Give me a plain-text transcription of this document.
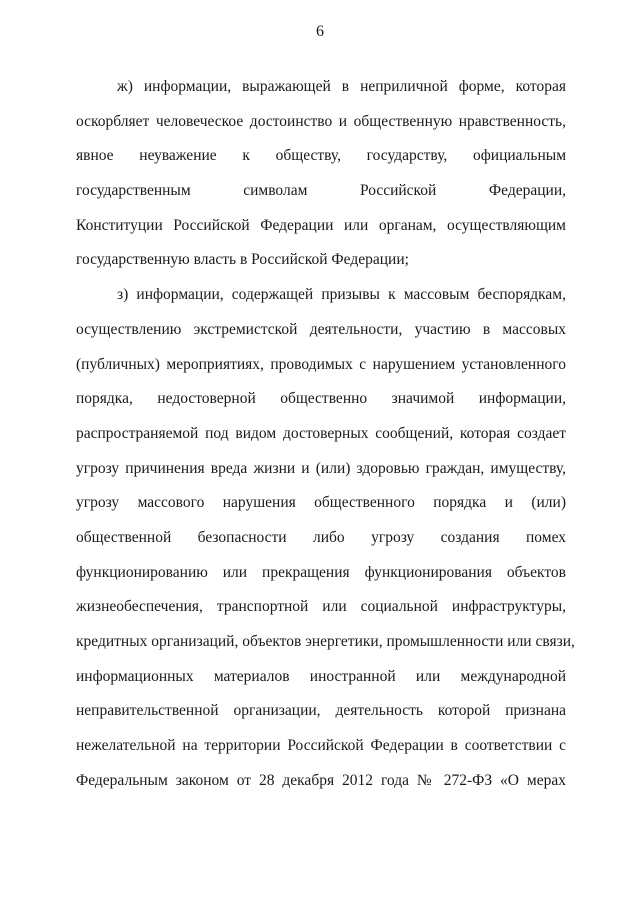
6

ж) информации, выражающей в неприличной форме, которая
оскорбляет человеческое достоинство и общественную нравственность,
явное неуважение к обществу, государству, официальным
государственным символам Российской Федерации,
Конституции Российской Федерации или органам, осуществляющим
государственную власть в Российской Федерации;

з) информации, содержащей призывы к массовым беспорядкам,
осуществлению экстремистской деятельности, участию в массовых
(публичных) мероприятиях, проводимых с нарушением установленного
порядка, недостоверной общественно значимой информации,
распространяемой под видом достоверных сообщений, которая создает
угрозу причинения вреда жизни и (или) здоровью граждан, имуществу,
угрозу массового нарушения общественного порядка и (или)
общественной безопасности либо угрозу создания помех
функционированию или прекращения функционирования объектов
жизнеобеспечения, транспортной или социальной инфраструктуры,
кредитных организаций, объектов энергетики, промышленности или связи,
информационных материалов иностранной или международной
неправительственной организации, деятельность которой признана
нежелательной на территории Российской Федерации в соответствии с
Федеральным законом от 28 декабря 2012 года № 272-ФЗ «О мерах
